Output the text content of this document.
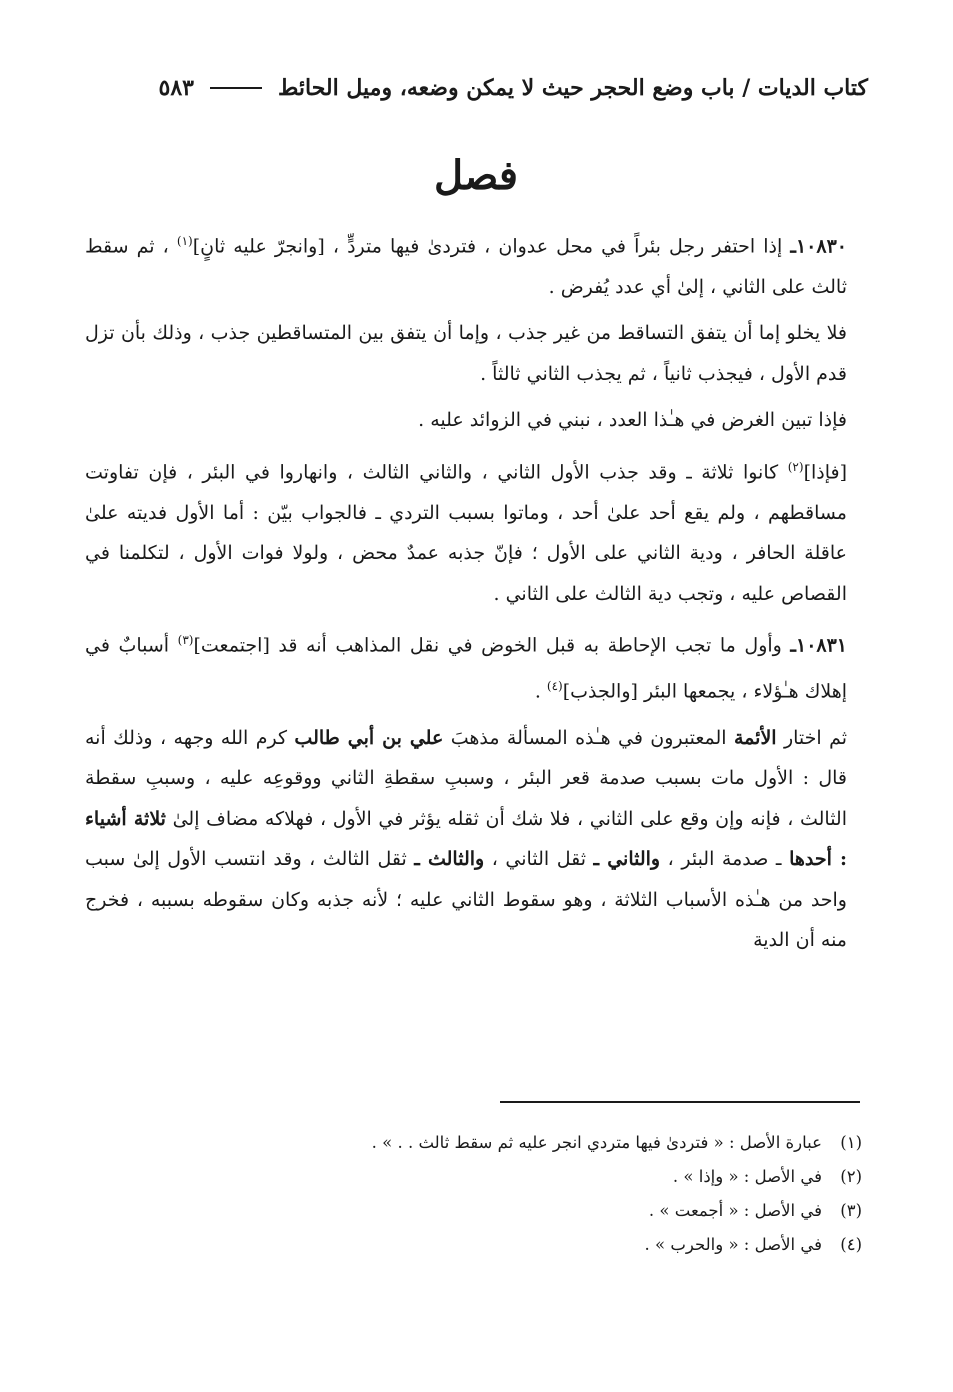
كتاب الديات / باب وضع الحجر حيث لا يمكن وضعه، وميل الحائط
٥٨٣
فصل

١٠٨٣٠ـ إذا احتفر رجل بئراً في محل عدوان ، فتردىٰ فيها متردٍّ ، [وانجرّ عليه ثانٍ]$^{(١)}$ ، ثم سقط ثالث على الثاني ، إلىٰ أي عدد يُفرض .

فلا يخلو إما أن يتفق التساقط من غير جذب ، وإما أن يتفق بين المتساقطين جذب ، وذلك بأن تزل قدم الأول ، فيجذب ثانياً ، ثم يجذب الثاني ثالثاً .

فإذا تبين الغرض في هـٰذا العدد ، نبني في الزوائد عليه .

[فإذا]$^{(٢)}$ كانوا ثلاثة ـ وقد جذب الأول الثاني ، والثاني الثالث ، وانهاروا في البئر ، فإن تفاوتت مساقطهم ، ولم يقع أحد علىٰ أحد ، وماتوا بسبب التردي ـ فالجواب بيّن : أما الأول فديته علىٰ عاقلة الحافر ، ودية الثاني على الأول ؛ فإنّ جذبه عمدٌ محض ، ولولا فوات الأول ، لتكلمنا في القصاص عليه ، وتجب دية الثالث على الثاني .

١٠٨٣١ـ وأول ما تجب الإحاطة به قبل الخوض في نقل المذاهب أنه قد [اجتمعت]$^{(٣)}$ أسبابٌ في إهلاك هـٰؤلاء ، يجمعها البئر [والجذب]$^{(٤)}$ .

ثم اختار الأئمة المعتبرون في هـٰذه المسألة مذهبَ علي بن أبي طالب كرم الله وجهه ، وذلك أنه قال : الأول مات بسبب صدمة قعر البئر ، وسببِ سقطةِ الثاني ووقوعِه عليه ، وسببِ سقطة الثالث ، فإنه وإن وقع على الثاني ، فلا شك أن ثقله يؤثر في الأول ، فهلاكه مضاف إلىٰ ثلاثة أشياء : أحدها ـ صدمة البئر ، والثاني ـ ثقل الثاني ، والثالث ـ ثقل الثالث ، وقد انتسب الأول إلىٰ سبب واحد من هـٰذه الأسباب الثلاثة ، وهو سقوط الثاني عليه ؛ لأنه جذبه وكان سقوطه بسببه ، فخرج منه أن الدية

(١)عبارة الأصل : « فتردىٰ فيها متردي انجر عليه ثم سقط ثالث . . » .
(٢)في الأصل : « وإذا » .
(٣)في الأصل : « أجمعت » .
(٤)في الأصل : « والحرب » .
